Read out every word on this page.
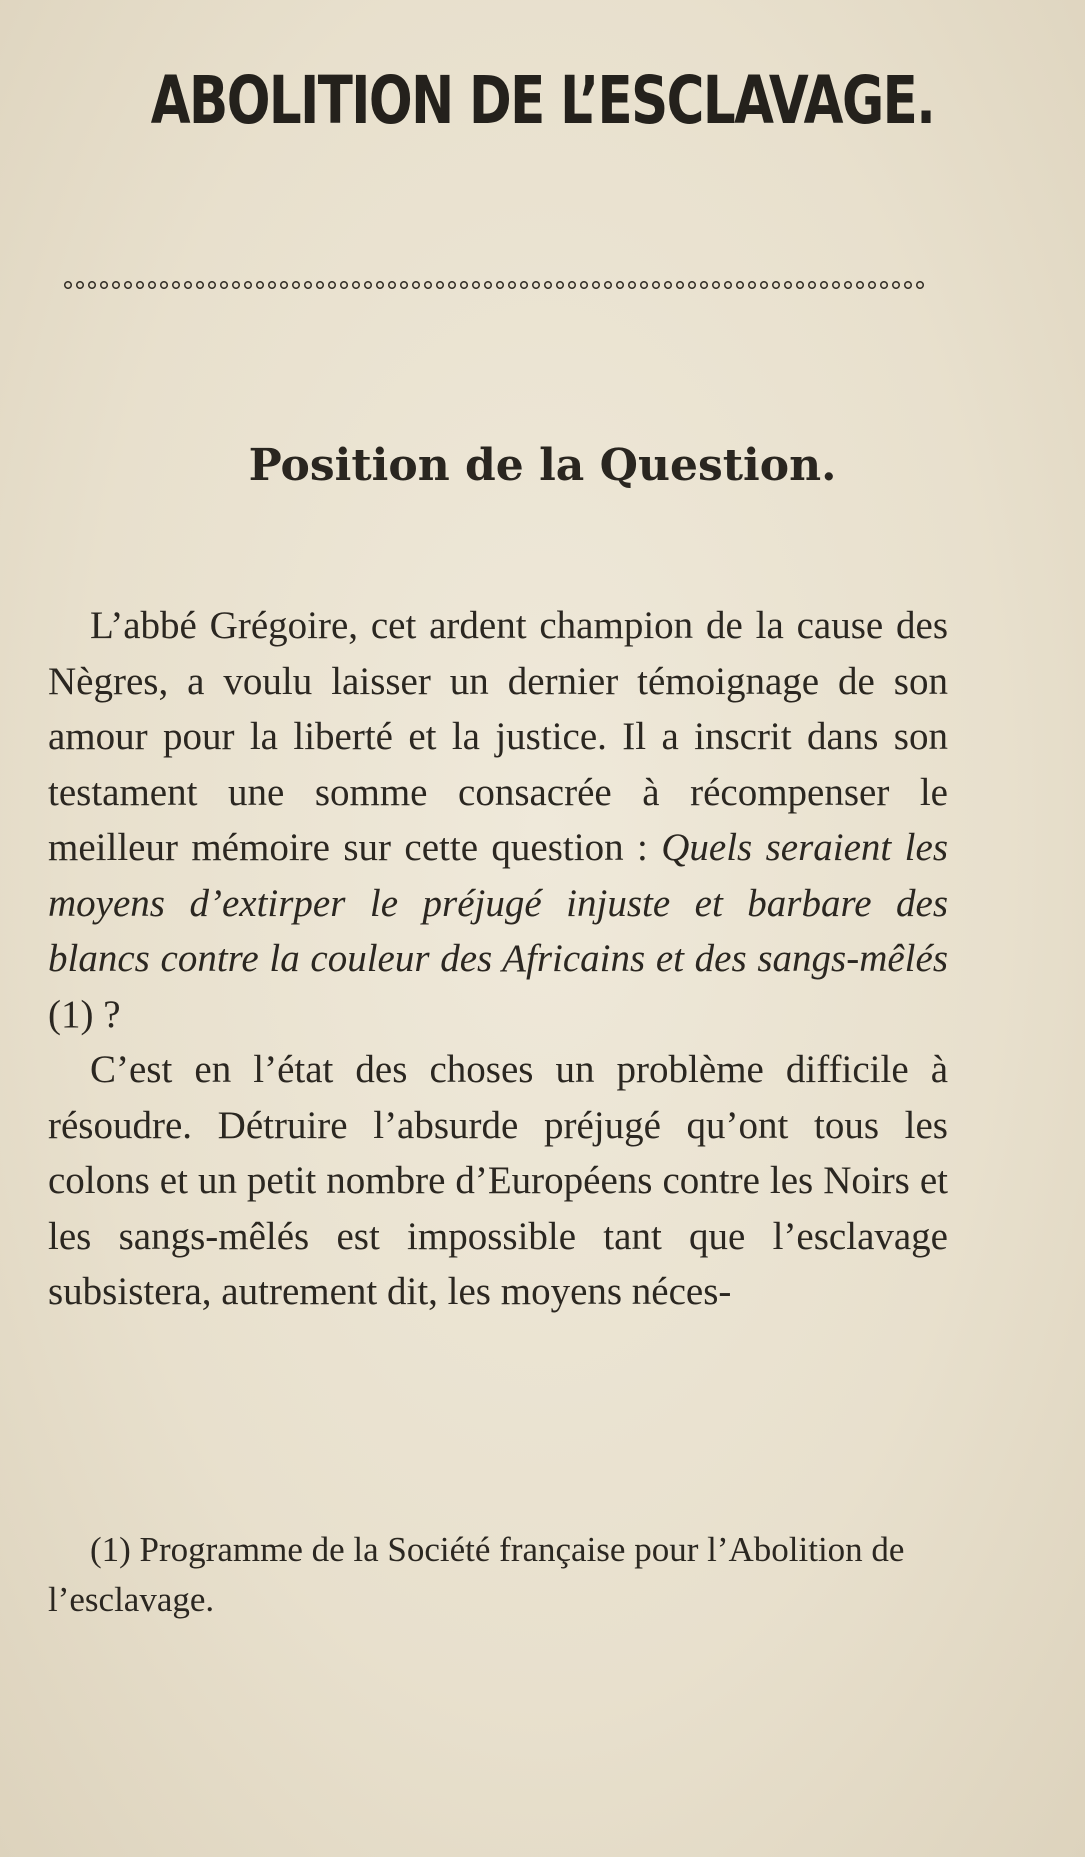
ABOLITION DE L’ESCLAVAGE.
Position de la Question.

L’abbé Grégoire, cet ardent champion de la cause des Nègres, a voulu laisser un dernier témoignage de son amour pour la liberté et la justice. Il a inscrit dans son testament une somme consacrée à récompenser le meilleur mémoire sur cette question : Quels seraient les moyens d’extirper le préjugé injuste et barbare des blancs contre la couleur des Africains et des sangs-mêlés (1) ?

C’est en l’état des choses un problème difficile à résoudre. Détruire l’absurde préjugé qu’ont tous les colons et un petit nombre d’Européens contre les Noirs et les sangs-mêlés est impossible tant que l’esclavage subsistera, autrement dit, les moyens néces-

(1) Programme de la Société française pour l’Abolition de l’esclavage.
